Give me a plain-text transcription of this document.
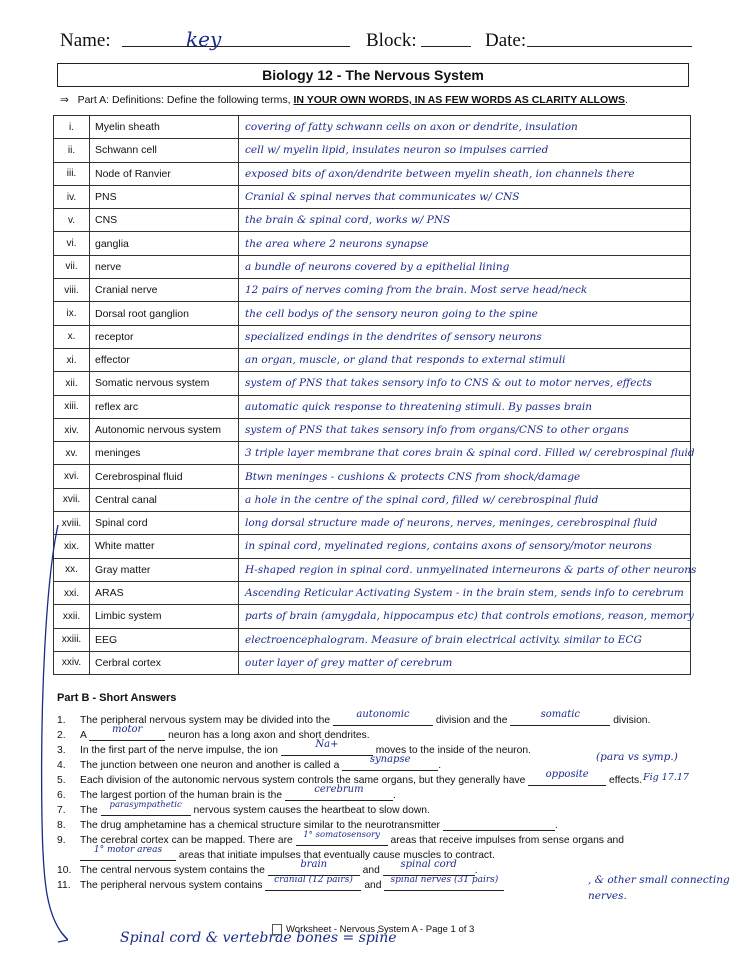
Name:	key	Block:	Date:
Biology 12 - The Nervous System
⇒ Part A: Definitions: Define the following terms, IN YOUR OWN WORDS, IN AS FEW WORDS AS CLARITY ALLOWS.
i.	Myelin sheath	covering of fatty schwann cells on axon or dendrite, insulation
ii.	Schwann cell	cell w/ myelin lipid, insulates neuron so impulses carried
iii.	Node of Ranvier	exposed bits of axon/dendrite between myelin sheath, ion channels there
iv.	PNS	Cranial & spinal nerves that communicates w/ CNS
v.	CNS	the brain & spinal cord, works w/ PNS
vi.	ganglia	the area where 2 neurons synapse
vii.	nerve	a bundle of neurons covered by a epithelial lining
viii.	Cranial nerve	12 pairs of nerves coming from the brain. Most serve head/neck
ix.	Dorsal root ganglion	the cell bodys of the sensory neuron going to the spine
x.	receptor	specialized endings in the dendrites of sensory neurons
xi.	effector	an organ, muscle, or gland that responds to external stimuli
xii.	Somatic nervous system	system of PNS that takes sensory info to CNS & out to motor nerves, effects
xiii.	reflex arc	automatic quick response to threatening stimuli. By passes brain
xiv.	Autonomic nervous system	system of PNS that takes sensory info from organs/CNS to other organs
xv.	meninges	3 triple layer membrane that cores brain & spinal cord. Filled w/ cerebrospinal fluid
xvi.	Cerebrospinal fluid	Btwn meninges - cushions & protects CNS from shock/damage
xvii.	Central canal	a hole in the centre of the spinal cord, filled w/ cerebrospinal fluid
xviii.	Spinal cord	long dorsal structure made of neurons, nerves, meninges, cerebrospinal fluid
xix.	White matter	in spinal cord, myelinated regions, contains axons of sensory/motor neurons
xx.	Gray matter	H-shaped region in spinal cord. unmyelinated interneurons & parts of other neurons
xxi.	ARAS	Ascending Reticular Activating System - in the brain stem, sends info to cerebrum
xxii.	Limbic system	parts of brain (amygdala, hippocampus etc) that controls emotions, reason, memory
xxiii.	EEG	electroencephalogram. Measure of brain electrical activity. similar to ECG
xxiv.	Cerbral cortex	outer layer of grey matter of cerebrum
Part B - Short Answers
1. The peripheral nervous system may be divided into the autonomic division and the somatic division.
2. A motor neuron has a long axon and short dendrites.
3. In the first part of the nerve impulse, the ion Na+ moves to the inside of the neuron.
4. The junction between one neuron and another is called a synapse.
(para vs symp.)
5. Each division of the autonomic nervous system controls the same organs, but they generally have opposite effects. Fig 17.17
6. The largest portion of the human brain is the cerebrum.
7. The $^{parasympathetic}$ nervous system causes the heartbeat to slow down.
8. The drug amphetamine has a chemical structure similar to the neurotransmitter	.
9. The cerebral cortex can be mapped. There are $^{1^\circ somatosensory}$ areas that receive impulses from sense organs and
1° motor areas areas that initiate impulses that eventually cause muscles to contract.
10. The central nervous system contains the brain and spinal cord.
11. The peripheral nervous system contains cranial (12 pairs) and spinal nerves (31 pairs)	, & other small connecting nerves.
Spinal cord & vertebrae bones = spine
Worksheet - Nervous System A - Page 1 of 3
